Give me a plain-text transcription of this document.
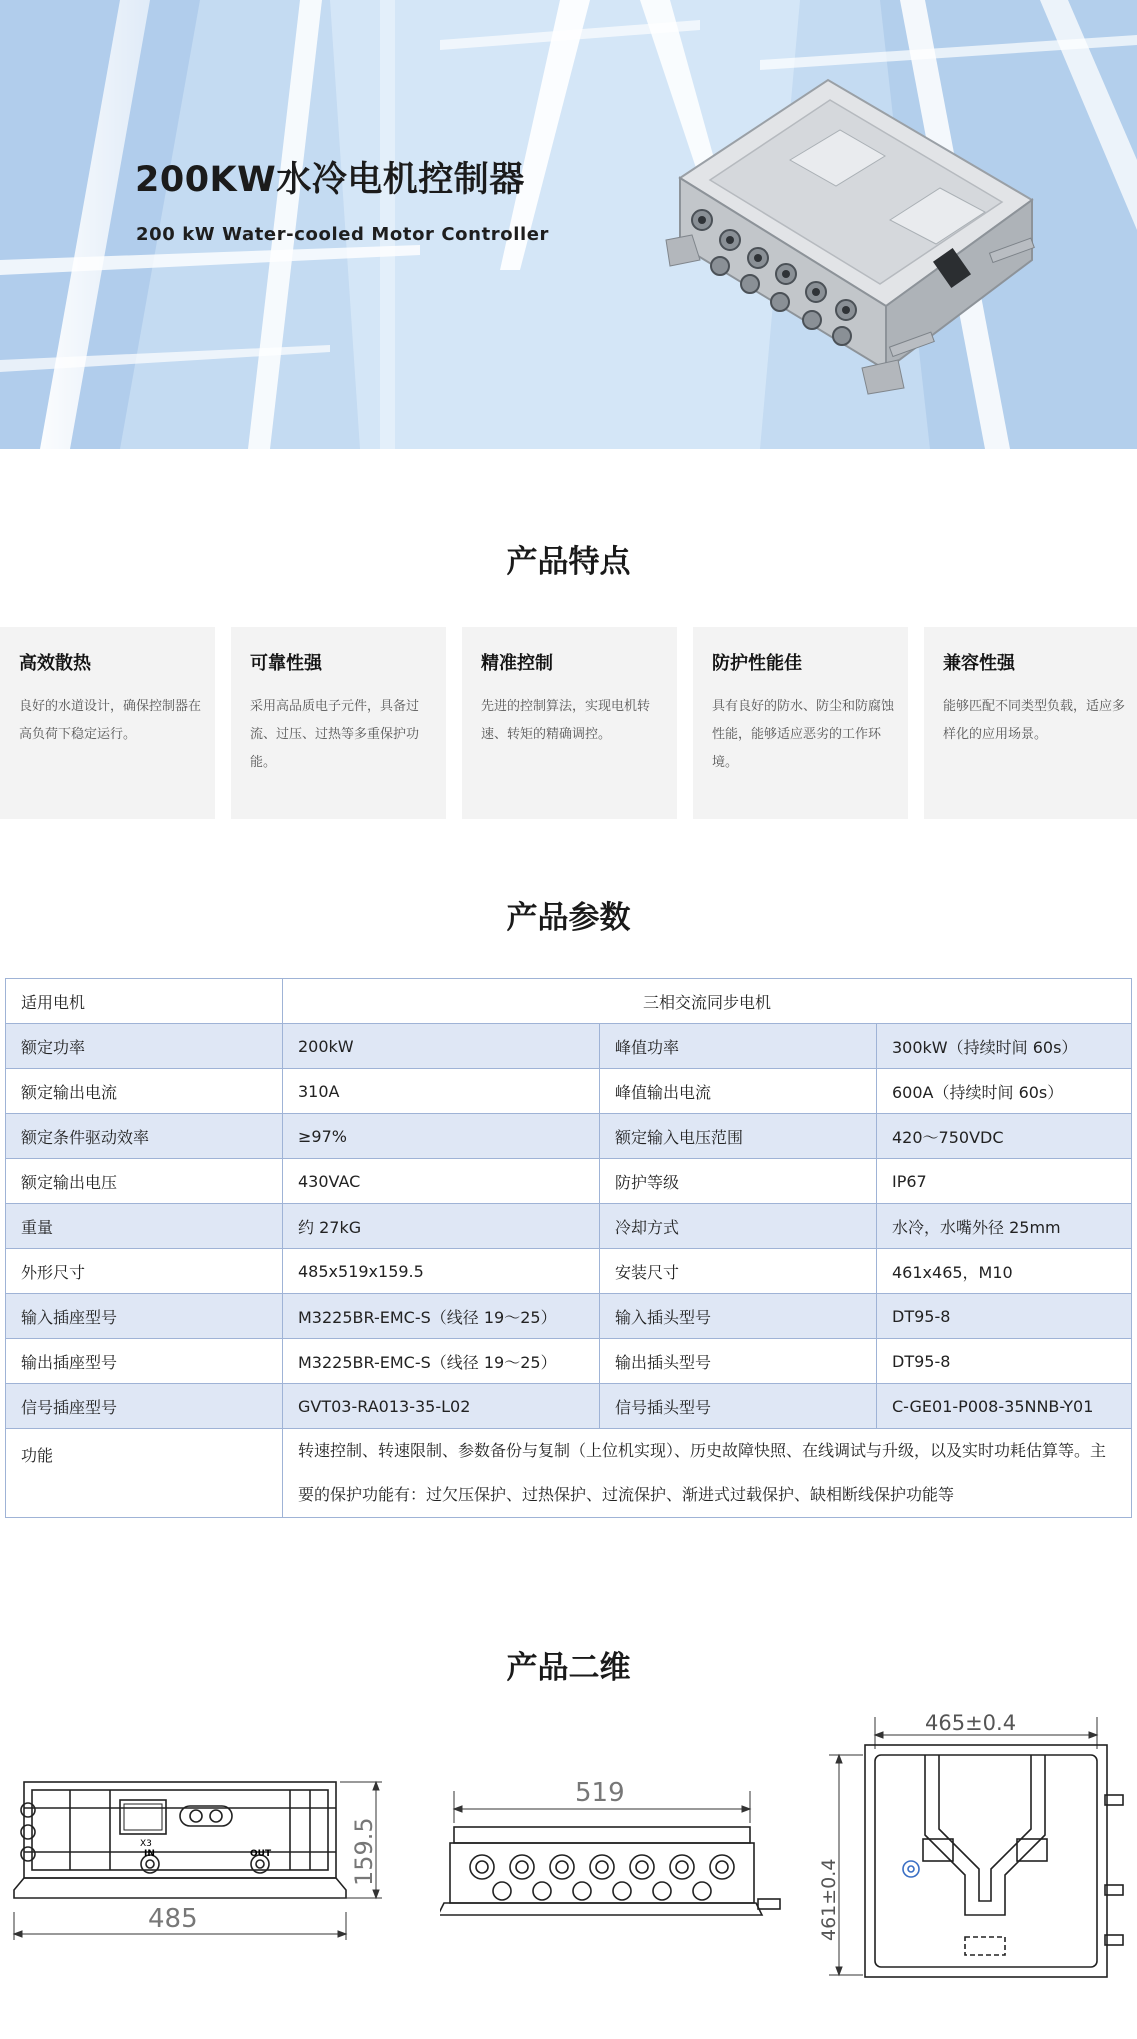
200KW水冷电机控制器
200 kW Water-cooled Motor Controller
产品特点
高效散热

良好的水道设计，确保控制器在高负荷下稳定运行。

可靠性强

采用高品质电子元件，具备过流、过压、过热等多重保护功能。

精准控制

先进的控制算法，实现电机转速、转矩的精确调控。

防护性能佳

具有良好的防水、防尘和防腐蚀性能，能够适应恶劣的工作环境。

兼容性强

能够匹配不同类型负载，适应多样化的应用场景。

产品参数
适用电机	三相交流同步电机		
额定功率	200kW	峰值功率	300kW（持续时间 60s）
额定输出电流	310A	峰值输出电流	600A（持续时间 60s）
额定条件驱动效率	≥97%	额定输入电压范围	420～750VDC
额定输出电压	430VAC	防护等级	IP67
重量	约 27kG	冷却方式	水冷，水嘴外径 25mm
外形尺寸	485x519x159.5	安装尺寸	461x465，M10
输入插座型号	M3225BR-EMC-S（线径 19～25）	输入插头型号	DT95-8
输出插座型号	M3225BR-EMC-S（线径 19～25）	输出插头型号	DT95-8
信号插座型号	GVT03-RA013-35-L02	信号插头型号	C-GE01-P008-35NNB-Y01
功能	转速控制、转速限制、参数备份与复制（上位机实现）、历史故障快照、在线调试与升级，以及实时功耗估算等。主要的保护功能有：过欠压保护、过热保护、过流保护、渐进式过载保护、缺相断线保护功能等		
产品二维
X3
IN	OUT
485
159.5
519
465±0.4
461±0.4
